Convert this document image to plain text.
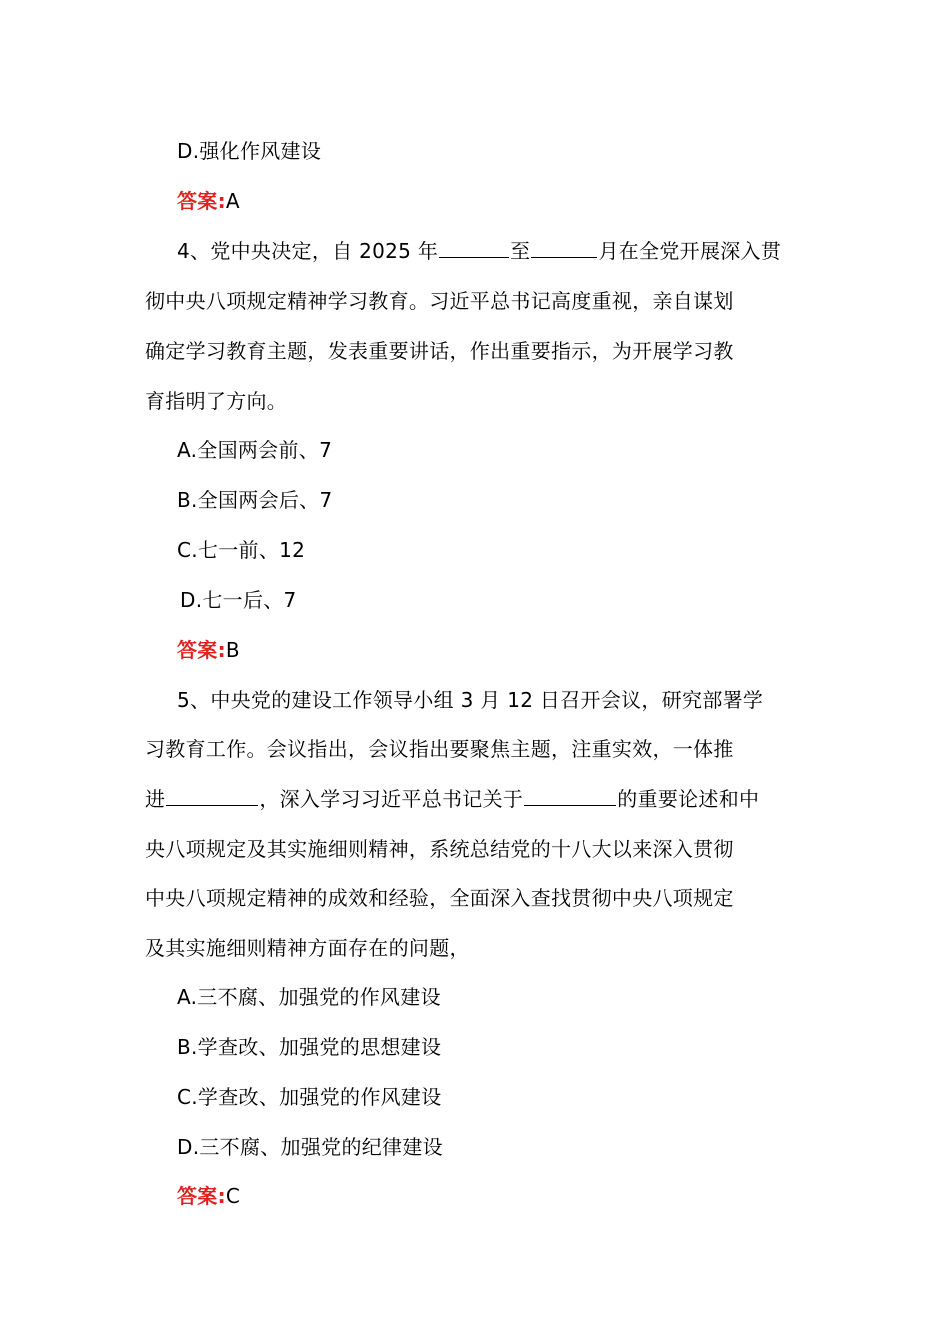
D.强化作风建设
答案:A
4、党中央决定，自 2025 年	至	月在全党开展深入贯
彻中央八项规定精神学习教育。习近平总书记高度重视，亲自谋划
确定学习教育主题，发表重要讲话，作出重要指示，为开展学习教
育指明了方向。
A.全国两会前、7
B.全国两会后、7
C.七一前、12
D.七一后、7
答案:B
5、中央党的建设工作领导小组 3 月 12 日召开会议，研究部署学
习教育工作。会议指出，会议指出要聚焦主题，注重实效，一体推
进	，深入学习习近平总书记关于	的重要论述和中
央八项规定及其实施细则精神，系统总结党的十八大以来深入贯彻
中央八项规定精神的成效和经验，全面深入查找贯彻中央八项规定
及其实施细则精神方面存在的问题，
A.三不腐、加强党的作风建设
B.学查改、加强党的思想建设
C.学查改、加强党的作风建设
D.三不腐、加强党的纪律建设
答案:C
